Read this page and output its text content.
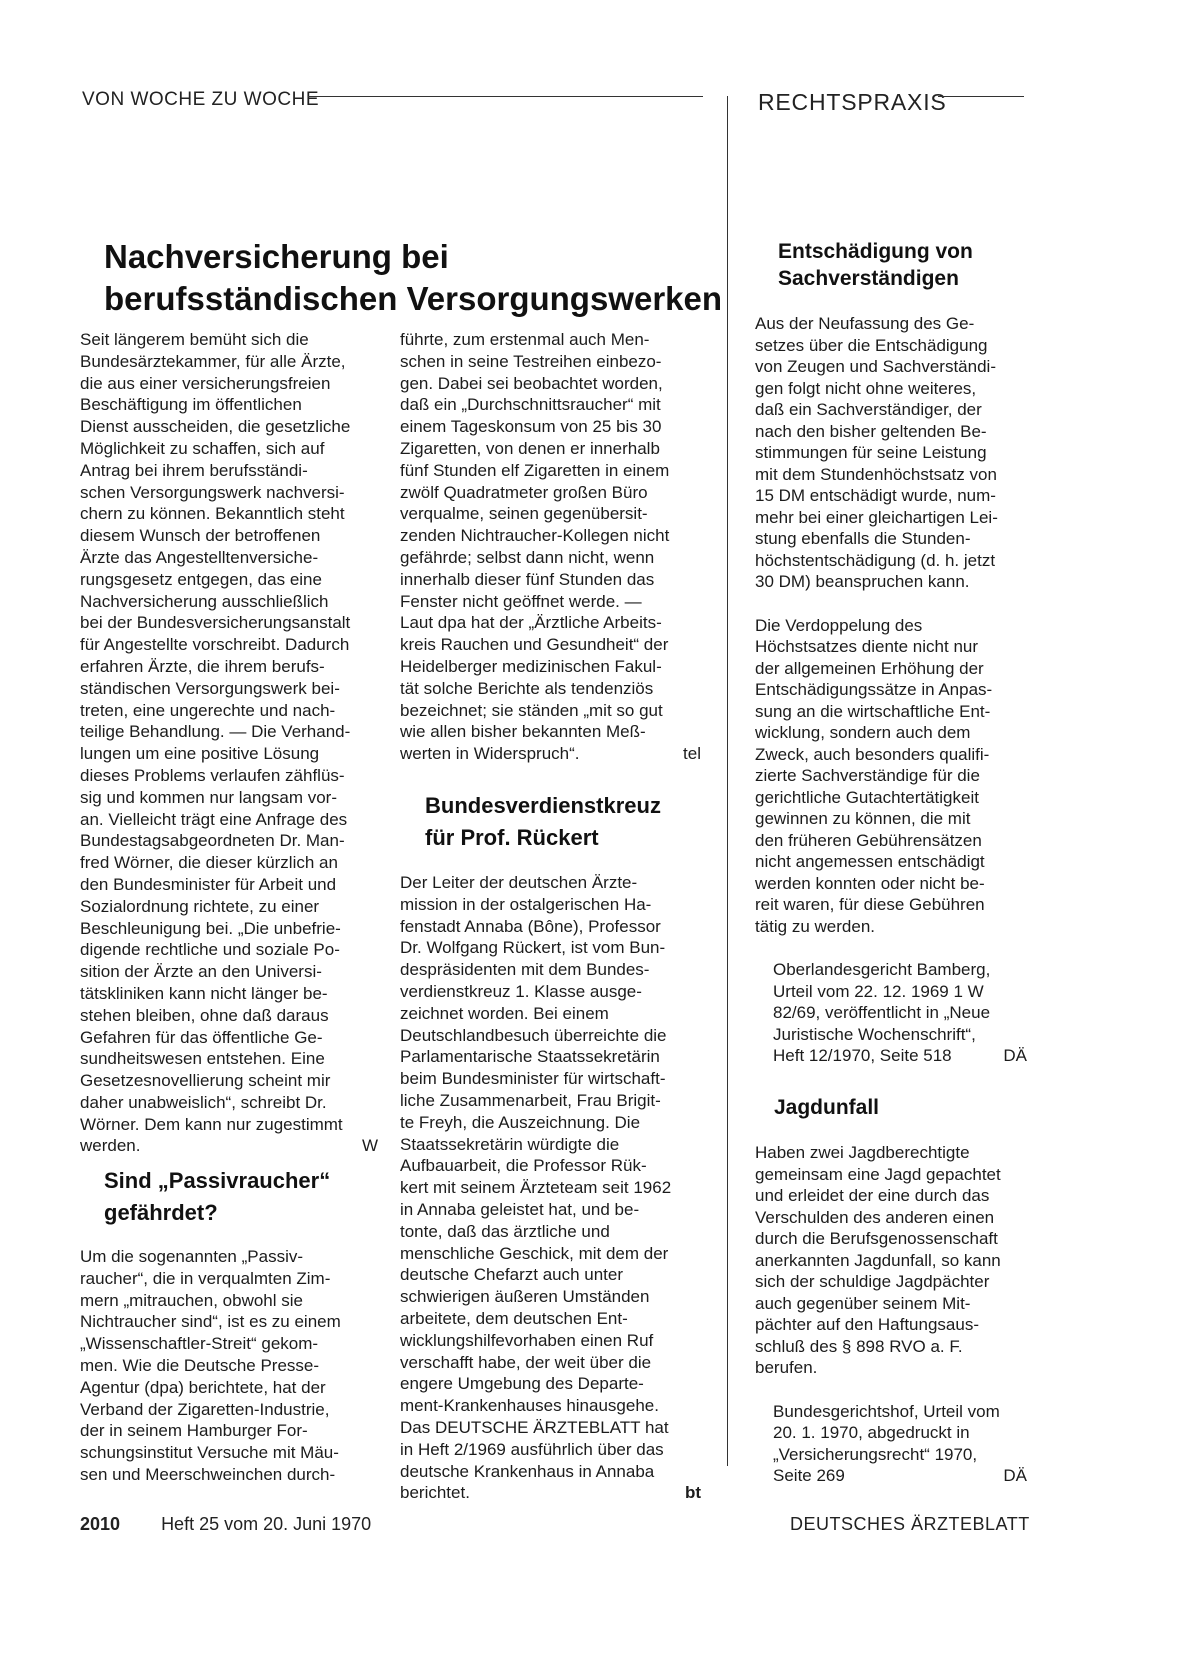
VON WOCHE ZU WOCHE	RECHTSPRAXIS
Nachversicherung bei
berufsständischen Versorgungswerken

Seit längerem bemüht sich die
Bundesärztekammer, für alle Ärzte,
die aus einer versicherungsfreien
Beschäftigung im öffentlichen
Dienst ausscheiden, die gesetzliche
Möglichkeit zu schaffen, sich auf
Antrag bei ihrem berufsständi-
schen Versorgungswerk nachversi-
chern zu können. Bekanntlich steht
diesem Wunsch der betroffenen
Ärzte das Angestelltenversiche-
rungsgesetz entgegen, das eine
Nachversicherung ausschließlich
bei der Bundesversicherungsanstalt
für Angestellte vorschreibt. Dadurch
erfahren Ärzte, die ihrem berufs-
ständischen Versorgungswerk bei-
treten, eine ungerechte und nach-
teilige Behandlung. — Die Verhand-
lungen um eine positive Lösung
dieses Problems verlaufen zähflüs-
sig und kommen nur langsam vor-
an. Vielleicht trägt eine Anfrage des
Bundestagsabgeordneten Dr. Man-
fred Wörner, die dieser kürzlich an
den Bundesminister für Arbeit und
Sozialordnung richtete, zu einer
Beschleunigung bei. „Die unbefrie-
digende rechtliche und soziale Po-
sition der Ärzte an den Universi-
tätskliniken kann nicht länger be-
stehen bleiben, ohne daß daraus
Gefahren für das öffentliche Ge-
sundheitswesen entstehen. Eine
Gesetzesnovellierung scheint mir
daher unabweislich“, schreibt Dr.
Wörner. Dem kann nur zugestimmt

werden.	W
Sind „Passivraucher“
gefährdet?

Um die sogenannten „Passiv-
raucher“, die in verqualmten Zim-
mern „mitrauchen, obwohl sie
Nichtraucher sind“, ist es zu einem
„Wissenschaftler-Streit“ gekom-
men. Wie die Deutsche Presse-
Agentur (dpa) berichtete, hat der
Verband der Zigaretten-Industrie,
der in seinem Hamburger For-
schungsinstitut Versuche mit Mäu-
sen und Meerschweinchen durch-

führte, zum erstenmal auch Men-
schen in seine Testreihen einbezo-
gen. Dabei sei beobachtet worden,
daß ein „Durchschnittsraucher“ mit
einem Tageskonsum von 25 bis 30
Zigaretten, von denen er innerhalb
fünf Stunden elf Zigaretten in einem
zwölf Quadratmeter großen Büro
verqualme, seinen gegenübersit-
zenden Nichtraucher-Kollegen nicht
gefährde; selbst dann nicht, wenn
innerhalb dieser fünf Stunden das
Fenster nicht geöffnet werde. —
Laut dpa hat der „Ärztliche Arbeits-
kreis Rauchen und Gesundheit“ der
Heidelberger medizinischen Fakul-
tät solche Berichte als tendenziös
bezeichnet; sie ständen „mit so gut
wie allen bisher bekannten Meß-

werten in Widerspruch“.	tel
Bundesverdienstkreuz
für Prof. Rückert

Der Leiter der deutschen Ärzte-
mission in der ostalgerischen Ha-
fenstadt Annaba (Bône), Professor
Dr. Wolfgang Rückert, ist vom Bun-
despräsidenten mit dem Bundes-
verdienstkreuz 1. Klasse ausge-
zeichnet worden. Bei einem
Deutschlandbesuch überreichte die
Parlamentarische Staatssekretärin
beim Bundesminister für wirtschaft-
liche Zusammenarbeit, Frau Brigit-
te Freyh, die Auszeichnung. Die
Staatssekretärin würdigte die
Aufbauarbeit, die Professor Rük-
kert mit seinem Ärzteteam seit 1962
in Annaba geleistet hat, und be-
tonte, daß das ärztliche und
menschliche Geschick, mit dem der
deutsche Chefarzt auch unter
schwierigen äußeren Umständen
arbeitete, dem deutschen Ent-
wicklungshilfevorhaben einen Ruf
verschafft habe, der weit über die
engere Umgebung des Departe-
ment-Krankenhauses hinausgehe.
Das DEUTSCHE ÄRZTEBLATT hat
in Heft 2/1969 ausführlich über das
deutsche Krankenhaus in Annaba

berichtet.	bt
Entschädigung von
Sachverständigen

Aus der Neufassung des Ge-
setzes über die Entschädigung
von Zeugen und Sachverständi-
gen folgt nicht ohne weiteres,
daß ein Sachverständiger, der
nach den bisher geltenden Be-
stimmungen für seine Leistung
mit dem Stundenhöchstsatz von
15 DM entschädigt wurde, num-
mehr bei einer gleichartigen Lei-
stung ebenfalls die Stunden-
höchstentschädigung (d. h. jetzt
30 DM) beanspruchen kann.

Die Verdoppelung des
Höchstsatzes diente nicht nur
der allgemeinen Erhöhung der
Entschädigungssätze in Anpas-
sung an die wirtschaftliche Ent-
wicklung, sondern auch dem
Zweck, auch besonders qualifi-
zierte Sachverständige für die
gerichtliche Gutachtertätigkeit
gewinnen zu können, die mit
den früheren Gebührensätzen
nicht angemessen entschädigt
werden konnten oder nicht be-
reit waren, für diese Gebühren
tätig zu werden.

Oberlandesgericht Bamberg,
Urteil vom 22. 12. 1969 1 W
82/69, veröffentlicht in „Neue
Juristische Wochenschrift“,

Heft 12/1970, Seite 518	DÄ
Jagdunfall

Haben zwei Jagdberechtigte
gemeinsam eine Jagd gepachtet
und erleidet der eine durch das
Verschulden des anderen einen
durch die Berufsgenossenschaft
anerkannten Jagdunfall, so kann
sich der schuldige Jagdpächter
auch gegenüber seinem Mit-
pächter auf den Haftungsaus-
schluß des § 898 RVO a. F.
berufen.

Bundesgerichtshof, Urteil vom
20. 1. 1970, abgedruckt in
„Versicherungsrecht“ 1970,

Seite 269	DÄ
2010 Heft 25 vom 20. Juni 1970	DEUTSCHES ÄRZTEBLATT
